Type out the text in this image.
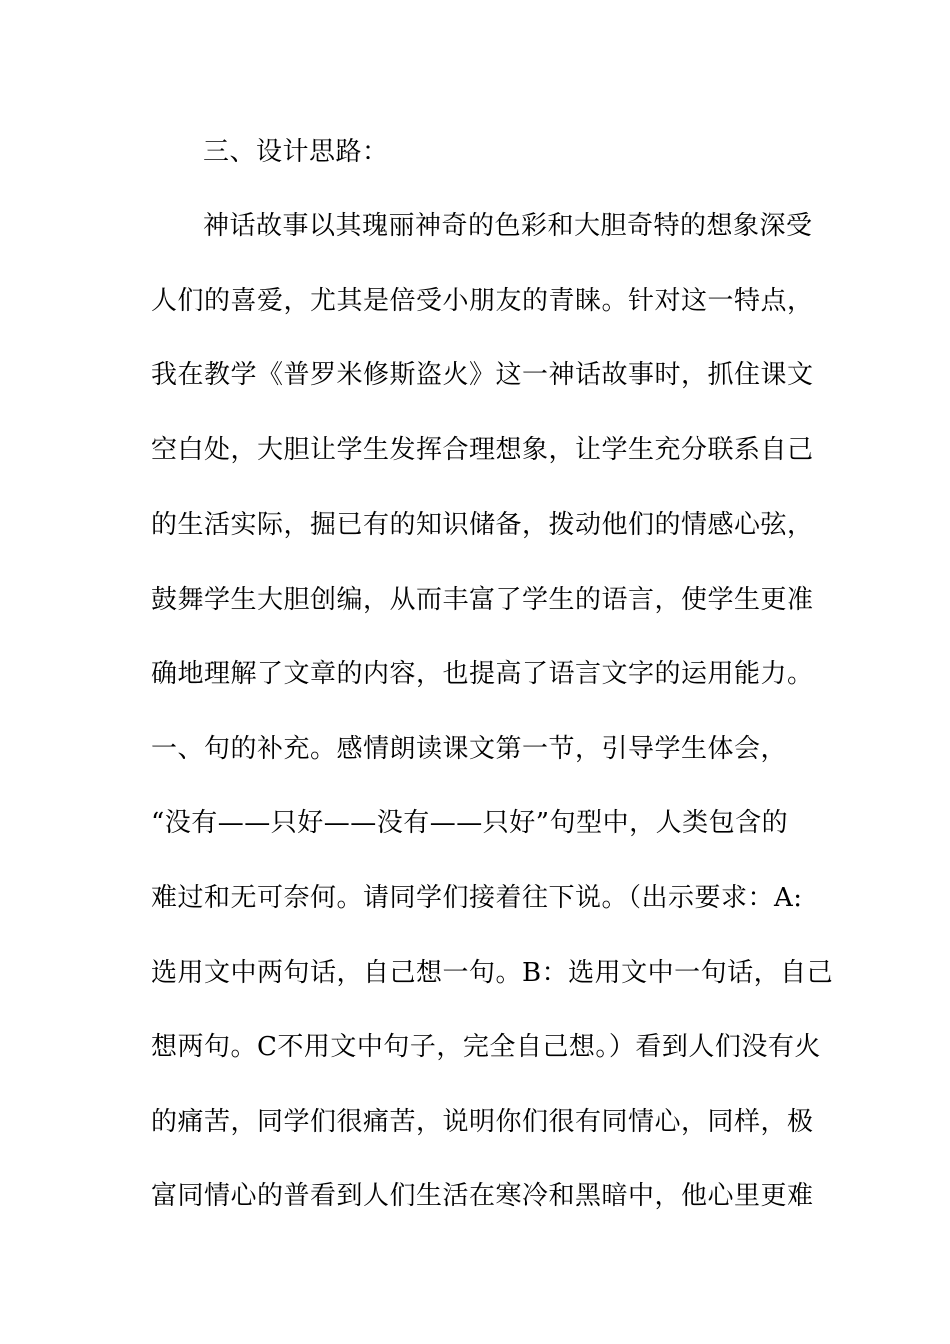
三、设计思路：
神话故事以其瑰丽神奇的色彩和大胆奇特的想象深受
人们的喜爱，尤其是倍受小朋友的青睐。针对这一特点，
我在教学《普罗米修斯盗火》这一神话故事时，抓住课文
空白处，大胆让学生发挥合理想象，让学生充分联系自己
的生活实际，掘已有的知识储备，拨动他们的情感心弦，
鼓舞学生大胆创编，从而丰富了学生的语言，使学生更准
确地理解了文章的内容，也提高了语言文字的运用能力。
一、句的补充。感情朗读课文第一节，引导学生体会，
“没有——只好——没有——只好”句型中，人类包含的
难过和无可奈何。请同学们接着往下说。（出示要求：A:
选用文中两句话，自己想一句。B：选用文中一句话，自己
想两句。C不用文中句子，完全自己想。）看到人们没有火
的痛苦，同学们很痛苦，说明你们很有同情心，同样，极
富同情心的普看到人们生活在寒冷和黑暗中，他心里更难
